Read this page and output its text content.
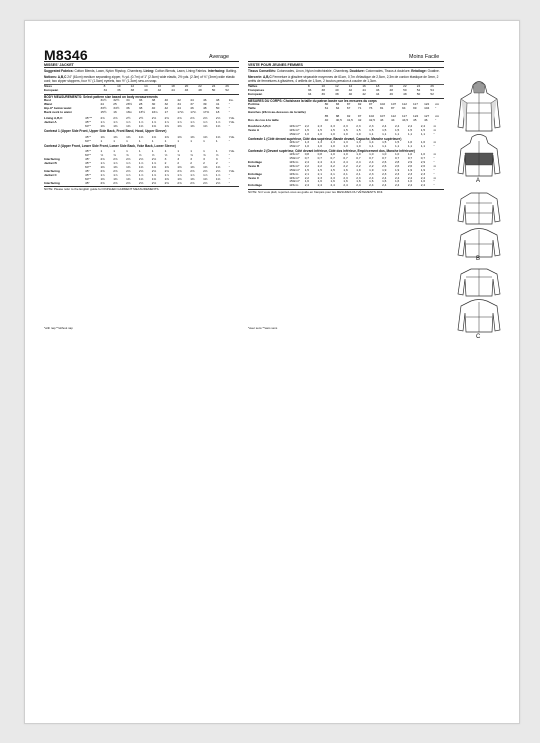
M8346	Average	Moins Facile
MISSES' JACKET

Suggested Fabrics: Cotton Blends, Lawn, Nylon Ripstop, Chambray. Lining: Cotton Blends, Lawn, Lining Fabrics. Interfacing: Batting.

Notions: A,B,C 24" (61cm) medium separating zipper, ⅜ yd. (0.7m) of 1" (2.5cm) wide elastic, 2½ yds. (2.3m) of ⅛" (3mm) wide elastic cord; two zipper stoppers, four ⅜" (1.5cm) eyelets, two ½" (1.3cm) sew-on snap.

Sizes		8	10	12	14	16	18	20	22	24	26
European		34	36	38	40	42	44	46	48	50	52
BODY MEASUREMENTS: Select pattern size based on body measurements
Bust		31½	32½	34	36	38	40	42	44	46	48	Ins.
Waist		24	25	26½	28	30	32	34	37	39	41	"
Hip-9" below waist		33½	34½	36	38	40	42	44	46	48	50	"
Back neck to waist		15½	16	16¼	16½	16¾	17	17⅛	17¼	17⅜	18	"
Lining A,B,C	45"**	2⅝	2⅝	2½	2½	2⅝	2⅝	2⅝	2⅝	2⅝	2⅝	Yds.
Jacket A	45"*	1⅞	1⅞	1⅞	1⅞	1⅞	1⅞	1⅞	1⅞	1⅞	1⅞	Yds.
	60"*	1⅜	1⅜	1⅜	1⅜	1⅜	1⅜	1⅜	1⅜	1⅜	1⅜	"
Contrast 1 (Upper Side Front, Upper Side Back, Front Band, Hood, Upper Sleeve)
	45"*	1⅜	1⅜	1⅜	1⅜	1⅜	1⅜	1⅜	1⅜	1⅜	1⅜	Yds.
	60"*	1	1	1	1	1	1	1	1	1	1	"
Contrast 2 (Upper Front, Lower Side Front, Lower Side Back, Yoke Back, Lower Sleeve)
	45"*	1	1	1	1	1	1	1	1	1	1	Yds.
	60"*	⅝	⅝	⅝	⅝	⅝	⅝	⅝	⅝	⅝	⅝	"
Interfacing	45"	2⅝	2⅝	2⅝	2⅝	2⅝	3	3	3	3	3	"
Jacket B	45"*	1⅞	1⅞	1⅞	1⅞	1⅞	2	2	2	2	2	"
	60"*	1⅜	1⅜	1⅜	1⅜	1⅜	1⅜	1⅜	1⅜	1⅜	1⅜	"
Interfacing	45"	2⅝	2⅝	2⅝	2⅝	2⅝	2⅝	2⅝	2⅝	2⅝	2⅝	Yds.
Jacket C	45"*	1⅞	1⅞	1⅞	1⅞	1⅞	1⅞	1⅞	1⅞	1⅞	1⅞	"
	60"*	1⅜	1⅜	1⅜	1⅜	1⅜	1⅜	1⅜	1⅜	1⅜	1⅜	"
Interfacing	45"	2⅝	2⅝	2⅝	2⅝	2⅝	2⅝	2⅝	2⅝	2⅝	2⅝	"
NOTE: Please refer to the English guide for FINISHED GARMENT MEASUREMENTS.
VESTE POUR JEUNES FEMMES

Tissus Conseillés: Cotonnades, Linon, Nylon indéchirable, Chambray. Doublure: Cotonnades, Tissus à doublure. Entoilage: Ouatine.

Mercerie: A,B,C Fermeture à glissière séparable moyennes de 61cm, 0,7m d'élastique de 2,5cm, 2,3m de cordon élastique de 3mm, 2 arrêts de fermetures à glissières, 4 œillets de 1,5cm, 2 bouton-pression à coudre de 1,3cm.

Tailles		8	10	12	14	16	18	20	22	24	26
Françaises		36	38	40	42	44	46	48	50	52	54
European		34	36	38	40	42	44	46	48	50	52
MESURES DU CORPS: Choisissez la taille du patron basée sur les mesures du corps
Poitrine		80	83	87	92	97	102	107	112	117	122	cm
Taille		61	64	67	71	76	81	87	94	99	104	"
Hanches (23cm au-dessous de la taille)												
		85	88	92	97	102	107	112	117	122	127	cm
Dos du cou à la taille		40	40,5	41,5	42	42,5	43	44	44,5	45	46	"
Doublure A,B,C	115cm**	2,2	2,3	2,3	2,3	2,3	2,3	2,4	2,4	2,4	2,4	m
Veste A	115cm*	1,5	1,5	1,5	1,5	1,5	1,5	1,5	1,5	1,5	1,5	m
	150cm*	1,0	1,0	1,0	1,0	1,0	1,1	1,1	1,1	1,1	1,1	"
Contraste 1 (Côté devant supérieur, Côté dos supérieur, Bande devant, Capuche, Manche supérieure)
	115cm*	1,3	1,3	1,3	1,3	1,3	1,4	1,5	1,5	1,6	1,6	m
	150cm*	1,0	1,0	1,0	1,0	1,0	1,1	1,1	1,1	1,1	1,1	"
Contraste 2 (Devant supérieur, Côté devant inférieur, Côté dos inférieur, Empiècement dos, Manche inférieure)
	115cm*	0,8	0,8	1,0	1,0	1,0	1,0	1,0	1,0	1,0	1,0	m
	150cm*	0,7	0,7	0,7	0,7	0,7	0,7	0,7	0,7	0,7	0,7	"
Entoilage	115cm	2,4	2,4	2,4	2,4	2,4	2,4	2,6	2,8	2,9	2,9	"
Veste B	115cm*	2,2	2,2	2,2	2,2	2,2	2,2	2,6	2,6	2,6	2,6	m
	150cm*	1,5	1,5	1,5	1,6	1,9	1,9	1,9	1,9	1,9	1,9	"
Entoilage	115cm	2,1	2,1	2,1	2,1	2,1	2,3	2,3	2,3	2,3	2,3	"
Veste C	115cm*	2,2	2,3	2,3	2,3	2,3	2,4	2,4	2,4	2,4	2,4	m
	150cm*	1,6	1,6	1,6	1,6	1,6	1,6	1,6	1,6	1,6	1,6	"
Entoilage	115cm	2,4	2,4	2,4	2,4	2,4	2,4	2,4	2,4	2,4	2,4	"
NOTE: Si il vous plaît, reportez-vous au guide en français pour les MESURES DU VÊTEMENTS FINI.
*with nap **without nap	*avec sens **sans sens
A
B
C
